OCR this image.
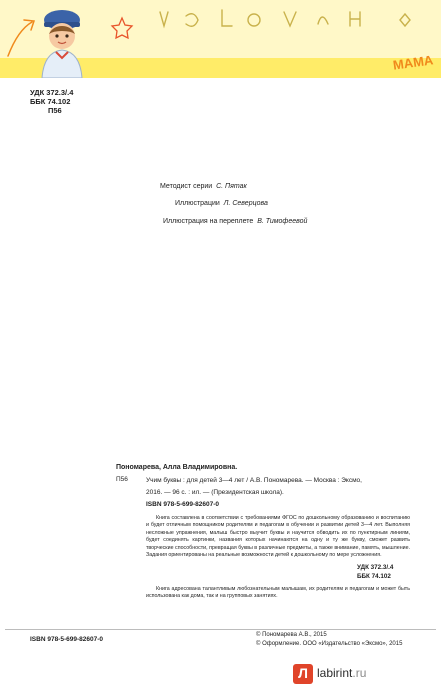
МАМА
УДК 372.3/.4
ББК 74.102
П56
Методист серии С. Пятак
Иллюстрации Л. Северцова
Иллюстрация на переплете В. Тимофеевой
Пономарева, Алла Владимировна.
П56	Учим буквы : для детей 3—4 лет / А.В. Пономарева. — Москва : Эксмо,
2016. — 96 с. : ил. — (Президентская школа).
ISBN 978-5-699-82607-0
Книга составлена в соответствии с требованиями ФГОС по дошкольному образованию и воспитанию и будет отличным помощником родителям и педагогам в обучении и развитии детей 3—4 лет. Выполняя несложные упражнения, малыш быстро выучит буквы и научится обводить их по пунктирным линиям, будет соединять картинки, названия которых начинаются на одну и ту же букву, сможет развить творческие способности, превращая буквы в различные предметы, а также внимание, память, мышление. Задания ориентированы на реальные возможности детей к дошкольному по мере усложнения.
УДК 372.3/.4
ББК 74.102
Книга адресована талантливым любознательным малышам, их родителям и педагогам и может быть использована как дома, так и на групповых занятиях.
ISBN 978-5-699-82607-0
© Пономарева А.В., 2015
© Оформление. ООО «Издательство «Эксмо», 2015
Л labirint.ru
